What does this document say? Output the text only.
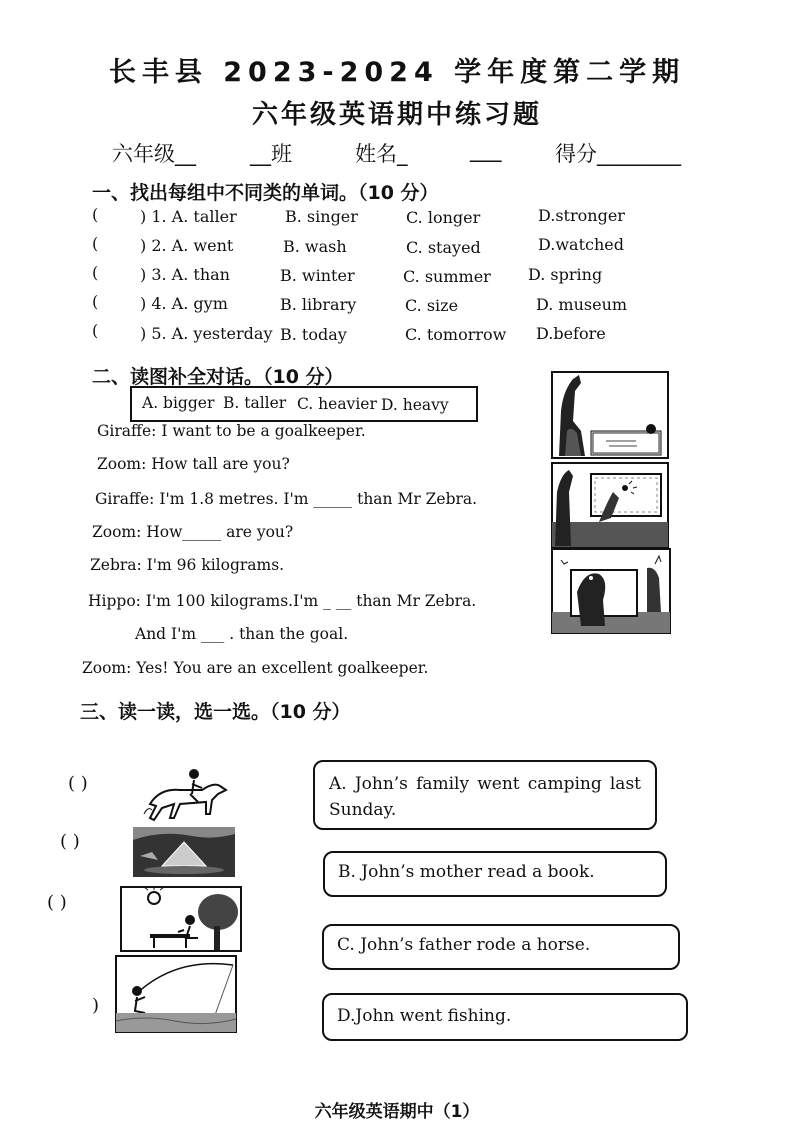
长丰县 2023-2024 学年度第二学期
六年级英语期中练习题
六年级__	__班	姓名_	___	得分________
一、找出每组中不同类的单词。（10 分）
(	) 1. A. taller	B. singer	C. longer	D.stronger
(	) 2. A. went	B. wash	C. stayed	D.watched
(	) 3. A. than	B. winter	C. summer D. spring
(	) 4. A. gym	B. library	C. size	D. museum
(	) 5. A. yesterday B. today	C. tomorrow D.before
二、读图补全对话。（10 分）
A. bigger B. taller C. heavier D. heavy
Giraffe: I want to be a goalkeeper.
Zoom: How tall are you?
Giraffe: I'm 1.8 metres. I'm _____ than Mr Zebra.
Zoom: How_____ are you?
Zebra: I'm 96 kilograms.
Hippo: I'm 100 kilograms.I'm _ __ than Mr Zebra.
And I'm ___ . than the goal.
Zoom: Yes! You are an excellent goalkeeper.
三、读一读，选一选。（10 分）
( )
( )
( )
)
A. John’s family went camping last Sunday.
B. John’s mother read a book.
C. John’s father rode a horse.
D.John went fishing.
六年级英语期中（1）
